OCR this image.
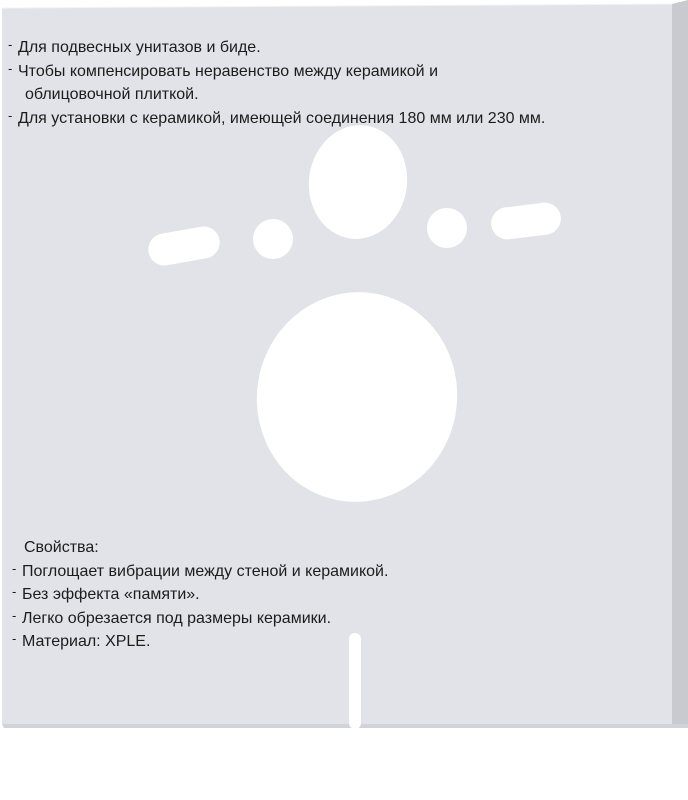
- Для подвесных унитазов и биде.
- Чтобы компенсировать неравенство между керамикой и
облицовочной плиткой.
- Для установки с керамикой, имеющей соединения 180 мм или 230 мм.
Свойства:
- Поглощает вибрации между стеной и керамикой.
- Без эффекта «памяти».
- Легко обрезается под размеры керамики.
- Материал: XPLE.
